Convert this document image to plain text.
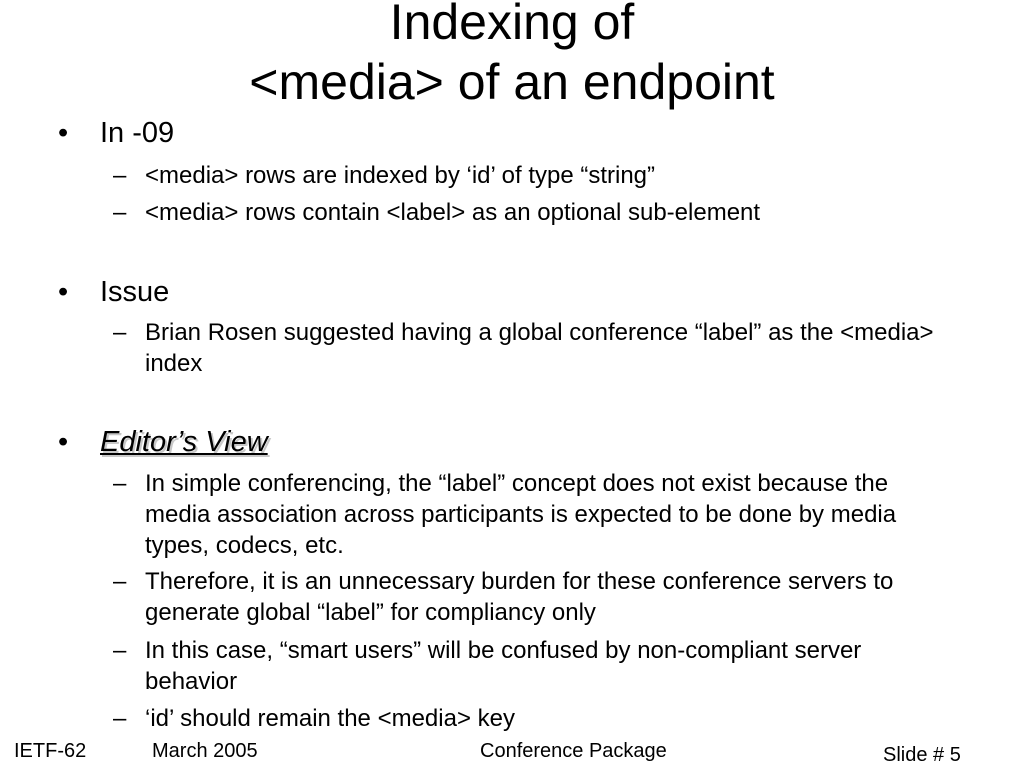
Indexing of
<media> of an endpoint
• In -09
– <media> rows are indexed by ‘id’ of type “string”
– <media> rows contain <label> as an optional sub-element
• Issue
– Brian Rosen suggested having a global conference “label” as the <media> index
• Editor’s View
– In simple conferencing, the “label” concept does not exist because the media association across participants is expected to be done by media types, codecs, etc.
– Therefore, it is an unnecessary burden for these conference servers to generate global “label” for compliancy only
– In this case, “smart users” will be confused by non-compliant server behavior
– ‘id’ should remain the <media> key
IETF-62	March 2005	Conference Package	Slide # 5
